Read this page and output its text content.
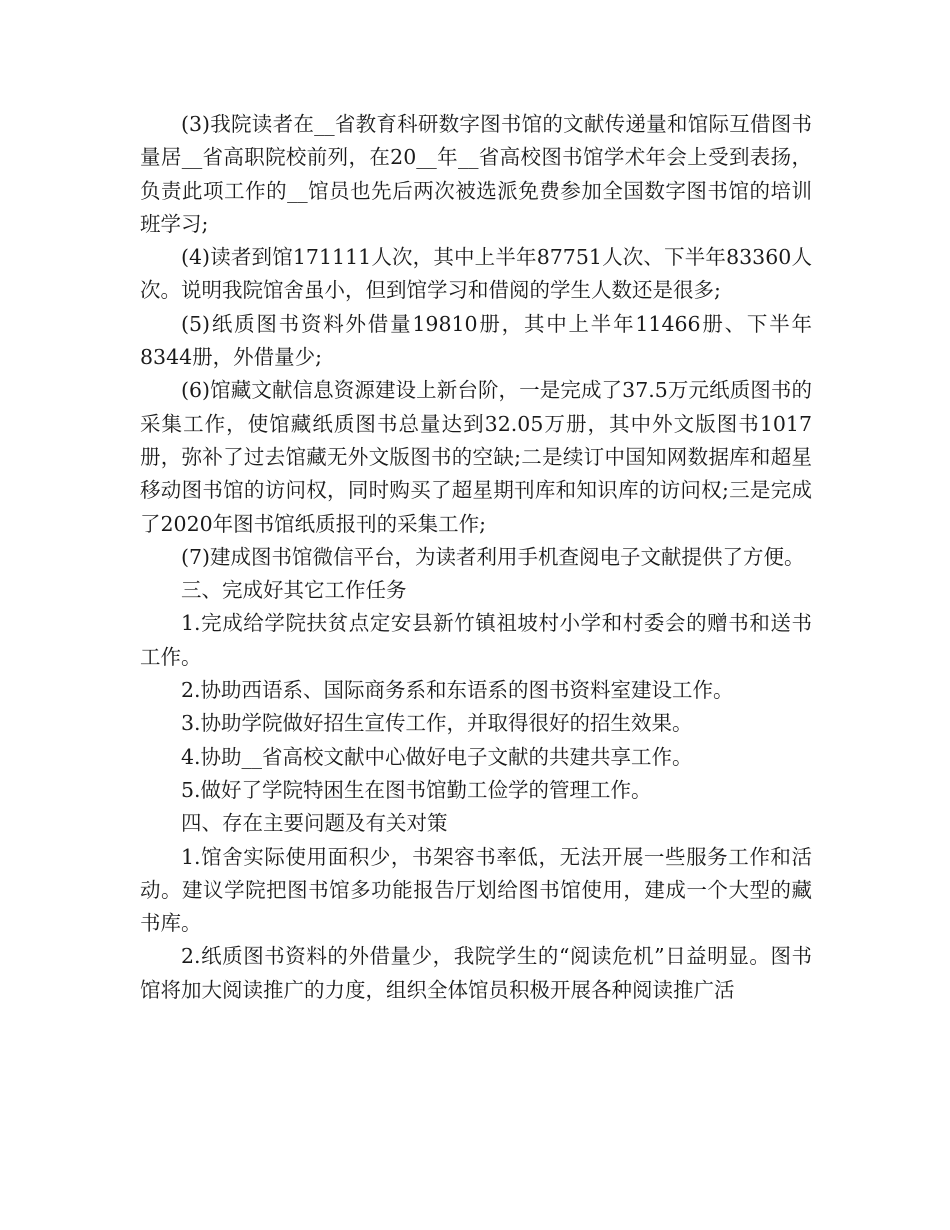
(3)我院读者在__省教育科研数字图书馆的文献传递量和馆际互借图书量居__省高职院校前列，在20__年__省高校图书馆学术年会上受到表扬，负责此项工作的__馆员也先后两次被选派免费参加全国数字图书馆的培训班学习;

(4)读者到馆171111人次，其中上半年87751人次、下半年83360人次。说明我院馆舍虽小，但到馆学习和借阅的学生人数还是很多;

(5)纸质图书资料外借量19810册，其中上半年11466册、下半年8344册，外借量少;

(6)馆藏文献信息资源建设上新台阶，一是完成了37.5万元纸质图书的采集工作，使馆藏纸质图书总量达到32.05万册，其中外文版图书1017册，弥补了过去馆藏无外文版图书的空缺;二是续订中国知网数据库和超星移动图书馆的访问权，同时购买了超星期刊库和知识库的访问权;三是完成了2020年图书馆纸质报刊的采集工作;

(7)建成图书馆微信平台，为读者利用手机查阅电子文献提供了方便。

三、完成好其它工作任务

1.完成给学院扶贫点定安县新竹镇祖坡村小学和村委会的赠书和送书工作。

2.协助西语系、国际商务系和东语系的图书资料室建设工作。

3.协助学院做好招生宣传工作，并取得很好的招生效果。

4.协助__省高校文献中心做好电子文献的共建共享工作。

5.做好了学院特困生在图书馆勤工俭学的管理工作。

四、存在主要问题及有关对策

1.馆舍实际使用面积少，书架容书率低，无法开展一些服务工作和活动。建议学院把图书馆多功能报告厅划给图书馆使用，建成一个大型的藏书库。

2.纸质图书资料的外借量少，我院学生的“阅读危机”日益明显。图书馆将加大阅读推广的力度，组织全体馆员积极开展各种阅读推广活
